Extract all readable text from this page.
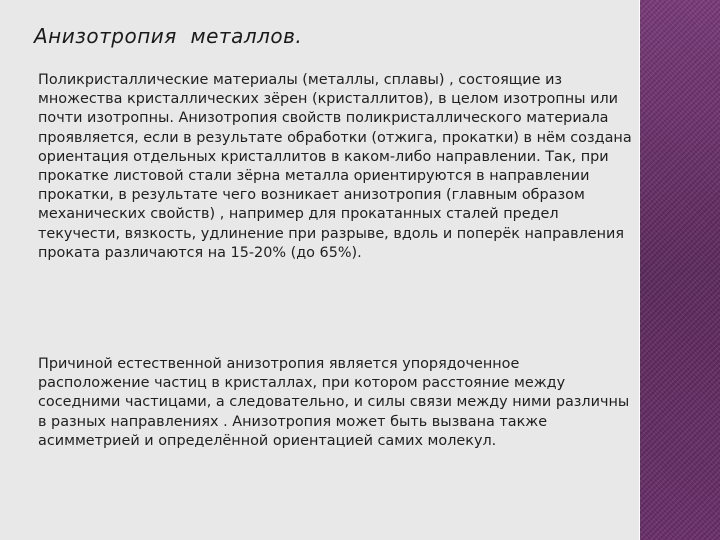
Анизотропия  металлов.

Поликристаллические материалы (металлы, сплавы) , состоящие из множества кристаллических зёрен (кристаллитов), в целом изотропны или почти изотропны. Анизотропия свойств поликристаллического материала проявляется, если в результате обработки (отжига, прокатки) в нём создана ориентация отдельных кристаллитов в каком-либо направлении. Так, при прокатке листовой стали зёрна металла ориентируются в направлении прокатки, в результате чего возникает анизотропия (главным образом механических свойств) , например для прокатанных сталей предел текучести, вязкость, удлинение при разрыве, вдоль и поперёк направления проката различаются на 15-20% (до 65%).

Причиной естественной анизотропия является упорядоченное расположение частиц в кристаллах, при котором расстояние между соседними частицами, а следовательно, и силы связи между ними различны в разных направлениях . Анизотропия может быть вызвана также асимметрией и определённой ориентацией самих молекул.
